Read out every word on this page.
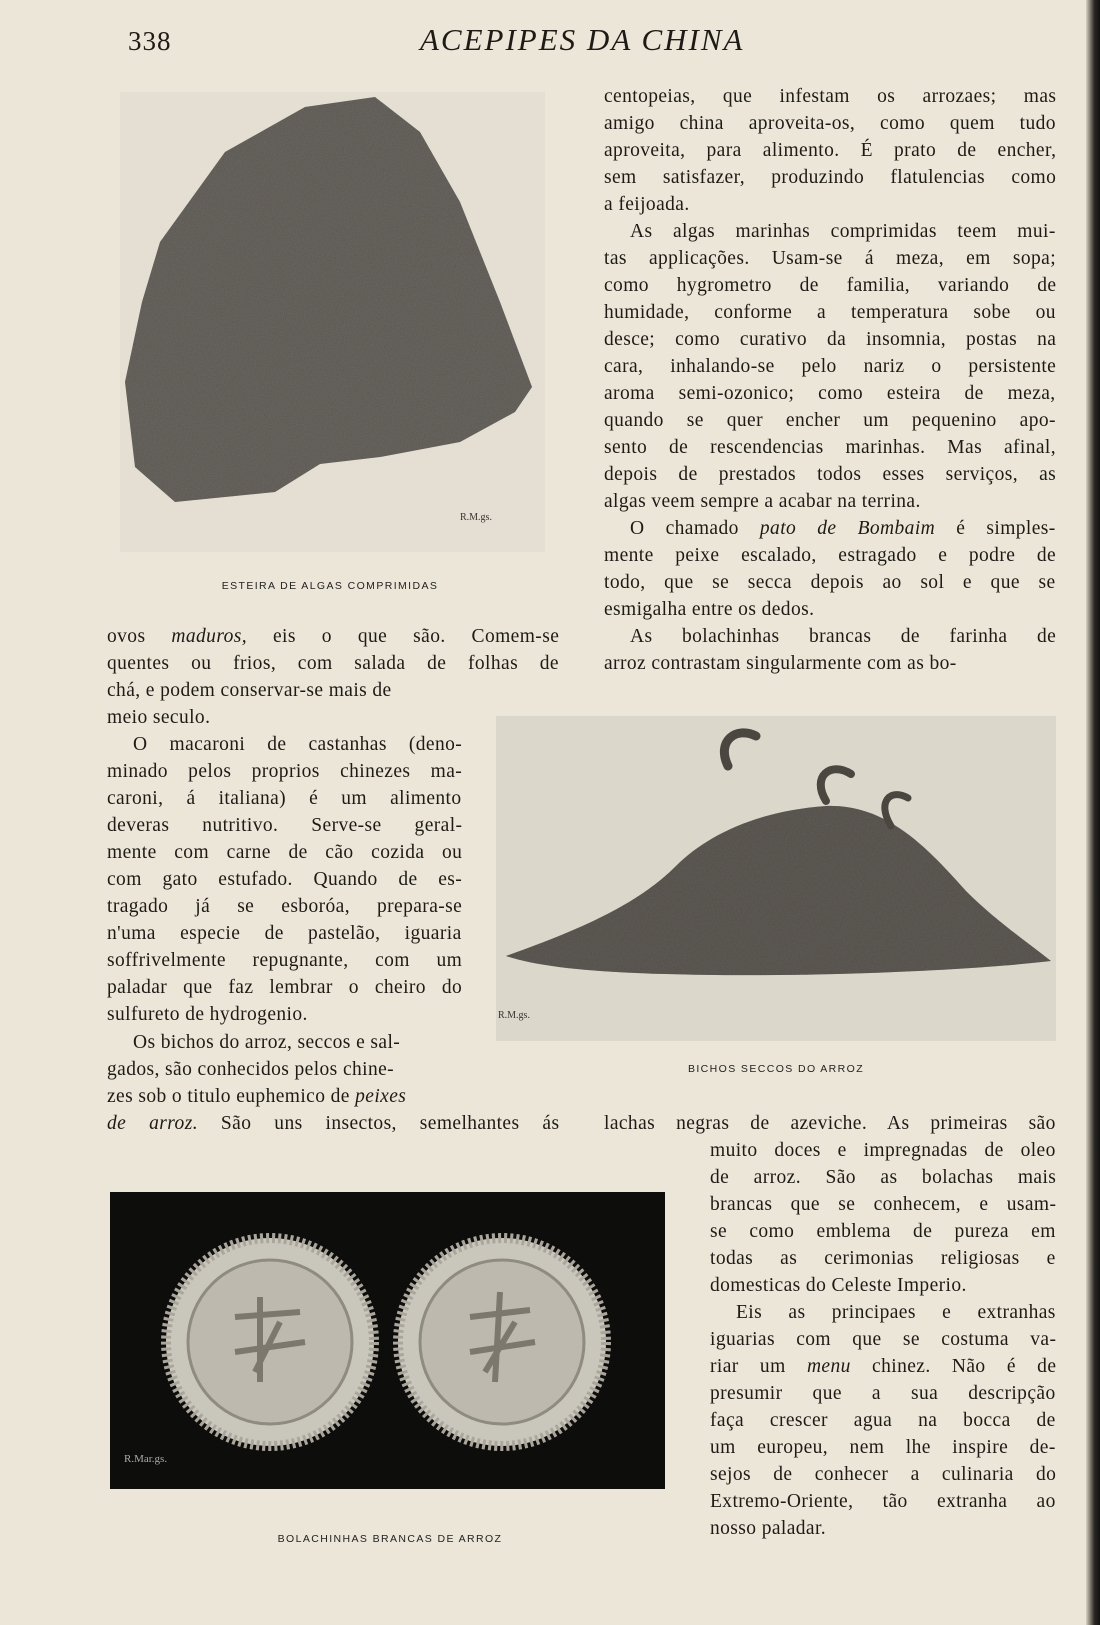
338	ACEPIPES DA CHINA
R.M.gs.
ESTEIRA DE ALGAS COMPRIMIDAS
R.M.gs.
BICHOS SECCOS DO ARROZ
R.Mar.gs.
BOLACHINHAS BRANCAS DE ARROZ

centopeias, que infestam os arrozaes; mas
amigo china aproveita-os, como quem tudo
aproveita, para alimento. É prato de encher,
sem satisfazer, produzindo flatulencias como
a feijoada.

As algas marinhas comprimidas teem mui-
tas applicações. Usam-se á meza, em sopa;
como hygrometro de familia, variando de
humidade, conforme a temperatura sobe ou
desce; como curativo da insomnia, postas na
cara, inhalando-se pelo nariz o persistente
aroma semi-ozonico; como esteira de meza,
quando se quer encher um pequenino apo-
sento de rescendencias marinhas. Mas afinal,
depois de prestados todos esses serviços, as
algas veem sempre a acabar na terrina.

O chamado pato de Bombaim é simples-
mente peixe escalado, estragado e podre de
todo, que se secca depois ao sol e que se
esmigalha entre os dedos.

As bolachinhas brancas de farinha de
arroz contrastam singularmente com as bo-

ovos maduros, eis o que são. Comem-se
quentes ou frios, com salada de folhas de
chá, e podem conservar-se mais de
meio seculo.

O macaroni de castanhas (deno-
minado pelos proprios chinezes ma-
caroni, á italiana) é um alimento
deveras nutritivo. Serve-se geral-
mente com carne de cão cozida ou
com gato estufado. Quando de es-
tragado já se esboróa, prepara-se
n'uma especie de pastelão, iguaria
soffrivelmente repugnante, com um
paladar que faz lembrar o cheiro do
sulfureto de hydrogenio.

Os bichos do arroz, seccos e sal-
gados, são conhecidos pelos chine-
zes sob o titulo euphemico de peixes
de arroz. São uns insectos, semelhantes ás lachas negras de azeviche. As primeiras são
muito doces e impregnadas de oleo
de arroz. São as bolachas mais
brancas que se conhecem, e usam-
se como emblema de pureza em
todas as cerimonias religiosas e
domesticas do Celeste Imperio.

Eis as principaes e extranhas
iguarias com que se costuma va-
riar um menu chinez. Não é de
presumir que a sua descripção
faça crescer agua na bocca de
um europeu, nem lhe inspire de-
sejos de conhecer a culinaria do
Extremo-Oriente, tão extranha ao
nosso paladar.
